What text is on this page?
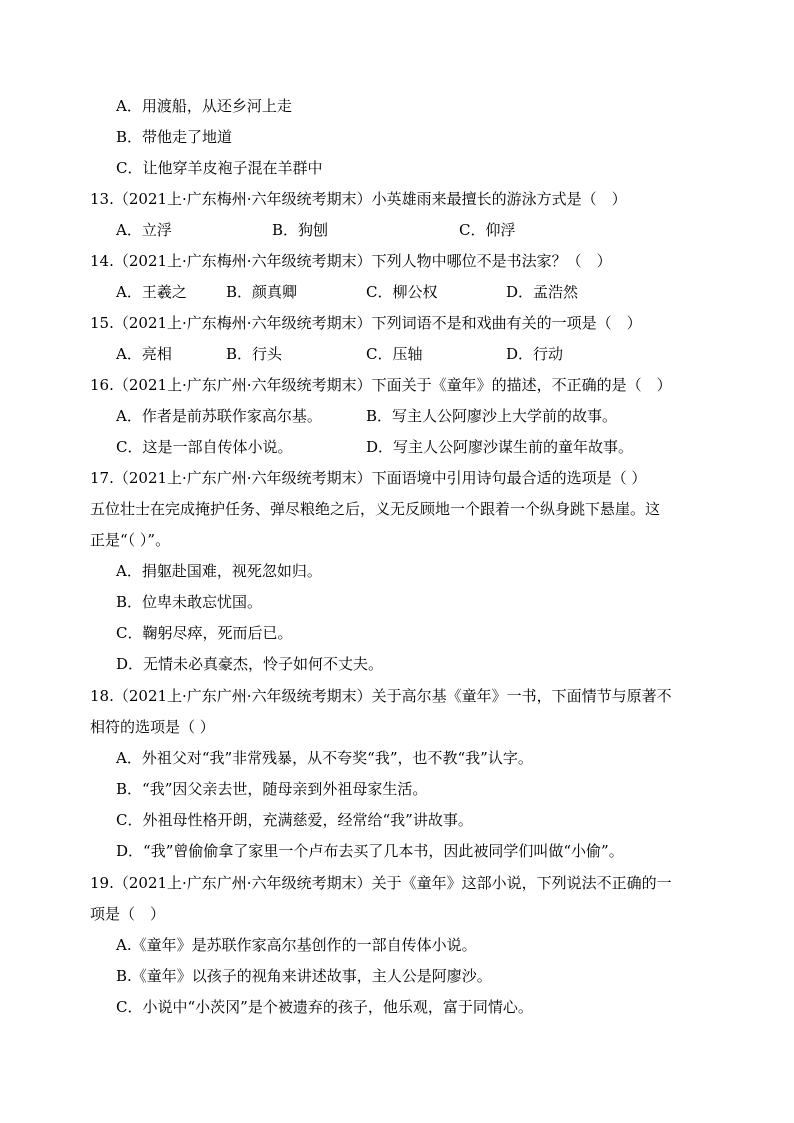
A．用渡船，从还乡河上走
B．带他走了地道
C．让他穿羊皮袍子混在羊群中
13.（2021上·广东梅州·六年级统考期末）小英雄雨来最擅长的游泳方式是（　）
A．立浮	B．狗刨	C．仰浮
14.（2021上·广东梅州·六年级统考期末）下列人物中哪位不是书法家？（　）
A．王羲之	B．颜真卿	C．柳公权	D．孟浩然
15.（2021上·广东梅州·六年级统考期末）下列词语不是和戏曲有关的一项是（　）
A．亮相	B．行头	C．压轴	D．行动
16.（2021上·广东广州·六年级统考期末）下面关于《童年》的描述，不正确的是（　）
A．作者是前苏联作家高尔基。	B．写主人公阿廖沙上大学前的故事。
C．这是一部自传体小说。	D．写主人公阿廖沙谋生前的童年故事。
17.（2021上·广东广州·六年级统考期末）下面语境中引用诗句最合适的选项是（ ）
五位壮士在完成掩护任务、弹尽粮绝之后，义无反顾地一个跟着一个纵身跳下悬崖。这
正是“（ ）”。
A．捐躯赴国难，视死忽如归。
B．位卑未敢忘忧国。
C．鞠躬尽瘁，死而后已。
D．无情未必真豪杰，怜子如何不丈夫。
18.（2021上·广东广州·六年级统考期末）关于高尔基《童年》一书，下面情节与原著不
相符的选项是（ ）
A．外祖父对“我”非常残暴，从不夸奖“我”，也不教“我”认字。
B．“我”因父亲去世，随母亲到外祖母家生活。
C．外祖母性格开朗，充满慈爱，经常给“我”讲故事。
D．“我”曾偷偷拿了家里一个卢布去买了几本书，因此被同学们叫做“小偷”。
19.（2021上·广东广州·六年级统考期末）关于《童年》这部小说，下列说法不正确的一
项是（　）
A.《童年》是苏联作家高尔基创作的一部自传体小说。
B.《童年》以孩子的视角来讲述故事，主人公是阿廖沙。
C．小说中“小茨冈”是个被遗弃的孩子，他乐观，富于同情心。
